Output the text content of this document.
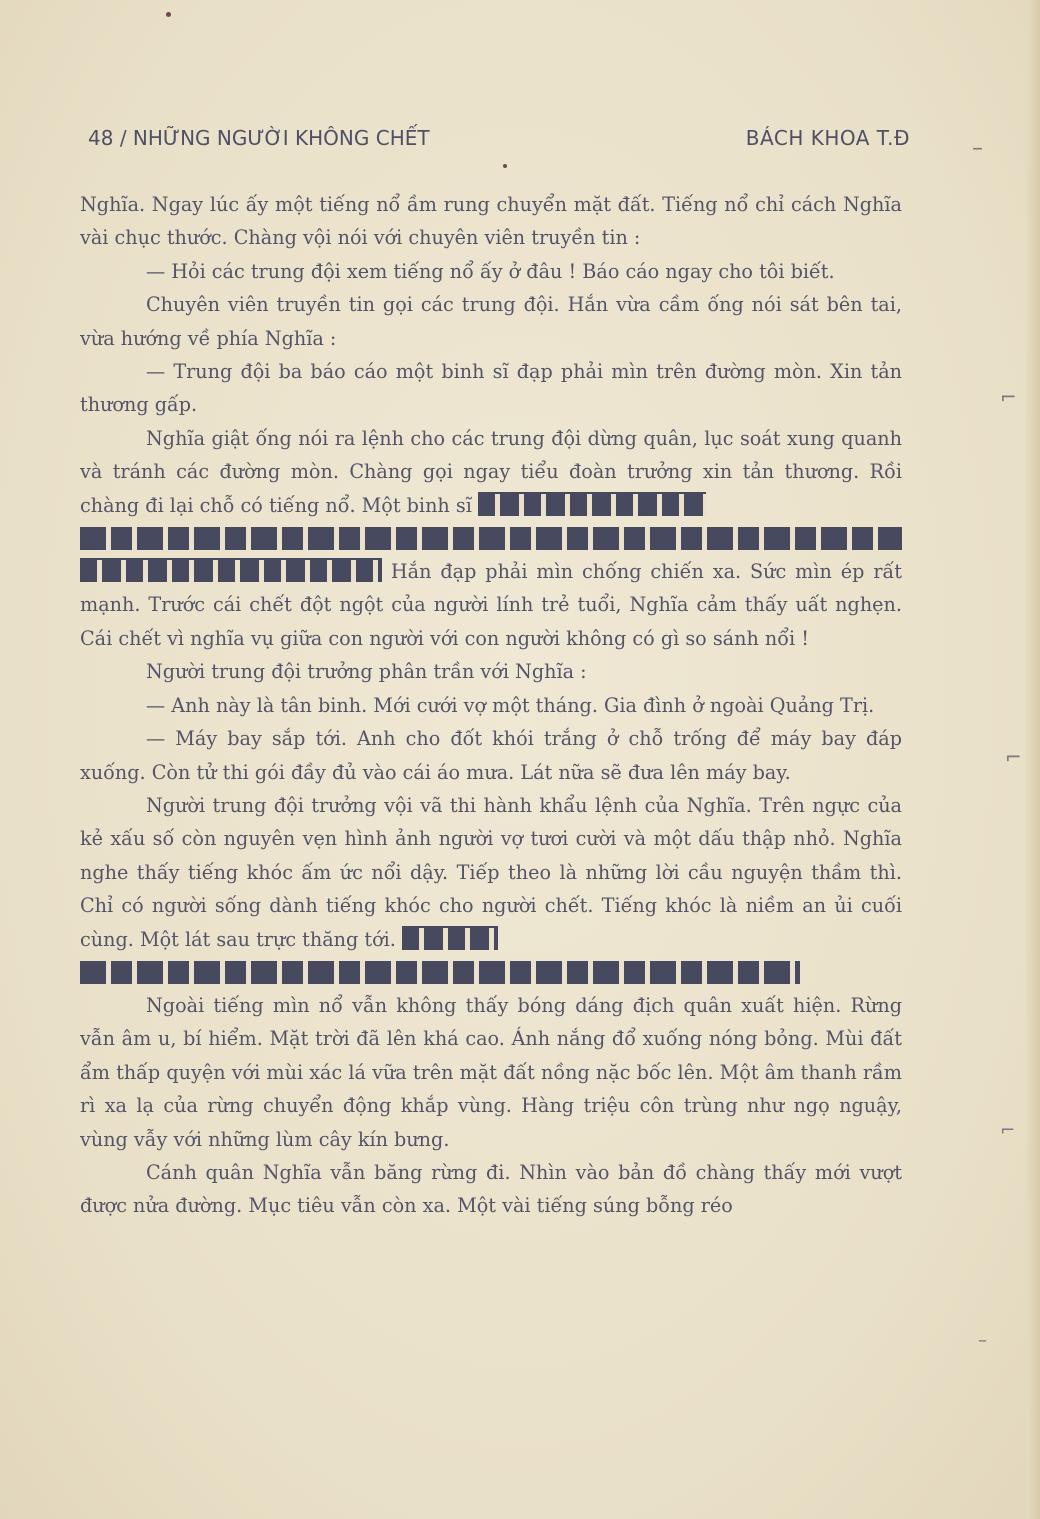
48 / NHỮNG NGƯỜI KHÔNG CHẾT	BÁCH KHOA T.Đ

Nghĩa. Ngay lúc ấy một tiếng nổ ầm rung chuyển mặt đất. Tiếng nổ chỉ cách Nghĩa vài chục thước. Chàng vội nói với chuyên viên truyền tin :

— Hỏi các trung đội xem tiếng nổ ấy ở đâu ! Báo cáo ngay cho tôi biết.

Chuyên viên truyền tin gọi các trung đội. Hắn vừa cầm ống nói sát bên tai, vừa hướng về phía Nghĩa :

— Trung đội ba báo cáo một binh sĩ đạp phải mìn trên đường mòn. Xin tản thương gấp.

Nghĩa giật ống nói ra lệnh cho các trung đội dừng quân, lục soát xung quanh và tránh các đường mòn. Chàng gọi ngay tiểu đoàn trưởng xin tản thương. Rồi chàng đi lại chỗ có tiếng nổ. Một binh sĩ
Hắn đạp phải mìn chống chiến xa. Sức mìn ép rất mạnh. Trước cái chết đột ngột của người lính trẻ tuổi, Nghĩa cảm thấy uất nghẹn. Cái chết vì nghĩa vụ giữa con người với con người không có gì so sánh nổi !

Người trung đội trưởng phân trần với Nghĩa :

— Anh này là tân binh. Mới cưới vợ một tháng. Gia đình ở ngoài Quảng Trị.

— Máy bay sắp tới. Anh cho đốt khói trắng ở chỗ trống để máy bay đáp xuống. Còn tử thi gói đầy đủ vào cái áo mưa. Lát nữa sẽ đưa lên máy bay.

Người trung đội trưởng vội vã thi hành khẩu lệnh của Nghĩa. Trên ngực của kẻ xấu số còn nguyên vẹn hình ảnh người vợ tươi cười và một dấu thập nhỏ. Nghĩa nghe thấy tiếng khóc ấm ức nổi dậy. Tiếp theo là những lời cầu nguyện thầm thì. Chỉ có người sống dành tiếng khóc cho người chết. Tiếng khóc là niềm an ủi cuối cùng. Một lát sau trực thăng tới.

Ngoài tiếng mìn nổ vẫn không thấy bóng dáng địch quân xuất hiện. Rừng vẫn âm u, bí hiểm. Mặt trời đã lên khá cao. Ánh nắng đổ xuống nóng bỏng. Mùi đất ẩm thấp quyện với mùi xác lá vữa trên mặt đất nồng nặc bốc lên. Một âm thanh rầm rì xa lạ của rừng chuyển động khắp vùng. Hàng triệu côn trùng như ngọ nguậy, vùng vẫy với những lùm cây kín bưng.

Cánh quân Nghĩa vẫn băng rừng đi. Nhìn vào bản đồ chàng thấy mới vượt được nửa đường. Mục tiêu vẫn còn xa. Một vài tiếng súng bỗng réo

–
⌐
⌐
⌐
–
